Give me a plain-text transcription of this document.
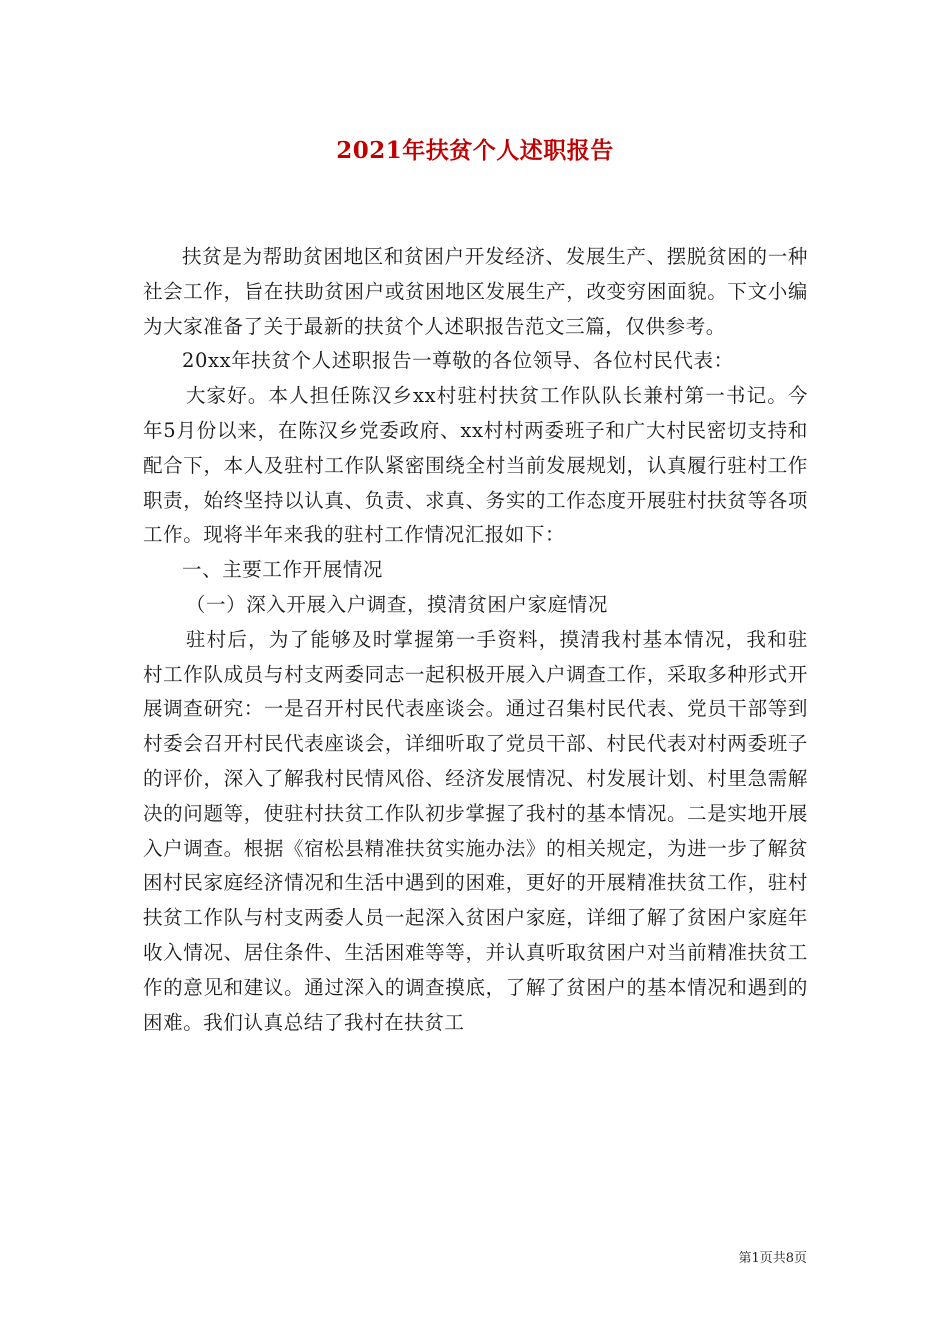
2021年扶贫个人述职报告

扶贫是为帮助贫困地区和贫困户开发经济、发展生产、摆脱贫困的一种社会工作，旨在扶助贫困户或贫困地区发展生产，改变穷困面貌。下文小编为大家准备了关于最新的扶贫个人述职报告范文三篇，仅供参考。

20xx年扶贫个人述职报告一尊敬的各位领导、各位村民代表：

大家好。本人担任陈汉乡xx村驻村扶贫工作队队长兼村第一书记。今年5月份以来，在陈汉乡党委政府、xx村村两委班子和广大村民密切支持和配合下，本人及驻村工作队紧密围绕全村当前发展规划，认真履行驻村工作职责，始终坚持以认真、负责、求真、务实的工作态度开展驻村扶贫等各项工作。现将半年来我的驻村工作情况汇报如下：

一、主要工作开展情况

（一）深入开展入户调查，摸清贫困户家庭情况

驻村后，为了能够及时掌握第一手资料，摸清我村基本情况，我和驻村工作队成员与村支两委同志一起积极开展入户调查工作，采取多种形式开展调查研究：一是召开村民代表座谈会。通过召集村民代表、党员干部等到村委会召开村民代表座谈会，详细听取了党员干部、村民代表对村两委班子的评价，深入了解我村民情风俗、经济发展情况、村发展计划、村里急需解决的问题等，使驻村扶贫工作队初步掌握了我村的基本情况。二是实地开展入户调查。根据《宿松县精准扶贫实施办法》的相关规定，为进一步了解贫困村民家庭经济情况和生活中遇到的困难，更好的开展精准扶贫工作，驻村扶贫工作队与村支两委人员一起深入贫困户家庭，详细了解了贫困户家庭年收入情况、居住条件、生活困难等等，并认真听取贫困户对当前精准扶贫工作的意见和建议。通过深入的调查摸底，了解了贫困户的基本情况和遇到的困难。我们认真总结了我村在扶贫工

第1页共8页
